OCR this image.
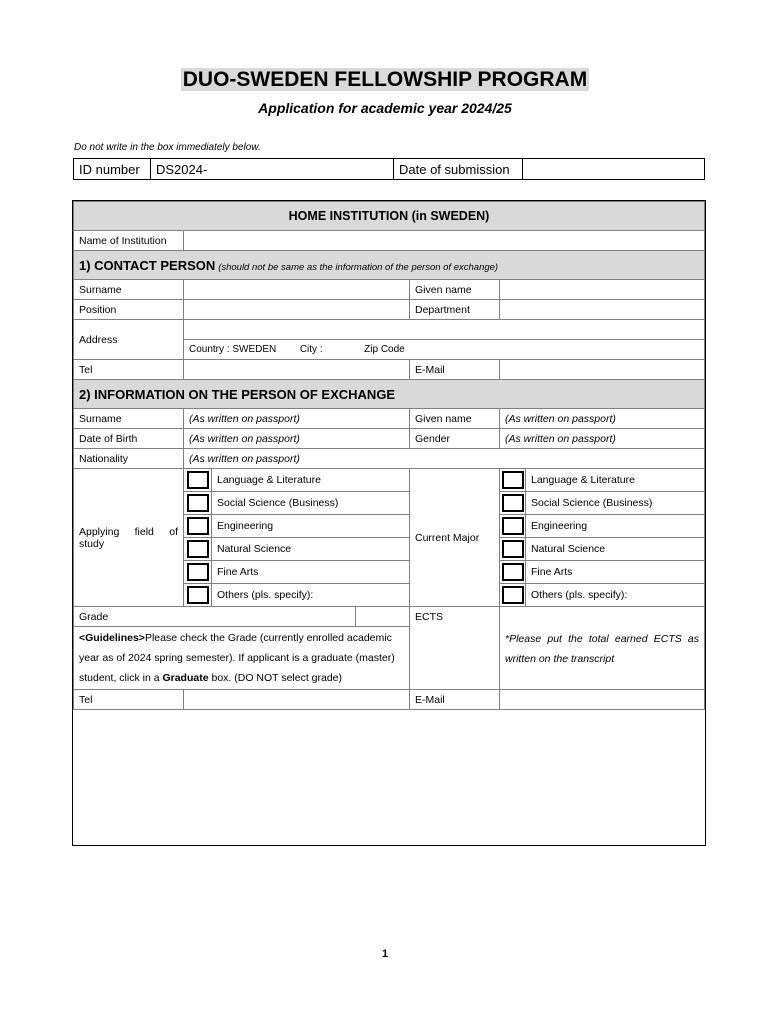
DUO-SWEDEN FELLOWSHIP PROGRAM
Application for academic year 2024/25
Do not write in the box immediately below.
ID number	DS2024-	Date of submission	
HOME INSTITUTION (in SWEDEN)						
Name of Institution						
1) CONTACT PERSON (should not be same as the information of the person of exchange)						
Surname				Given name		
Position				Department		
Address						
	Country : SWEDEN City : Zip Code					
Tel				E-Mail		
2) INFORMATION ON THE PERSON OF EXCHANGE						
Surname	(As written on passport)			Given name	(As written on passport)	
Date of Birth	(As written on passport)			Gender	(As written on passport)	
Nationality	(As written on passport)					
Applying field of study		Language & Literature		Current Major		Language & Literature
		Social Science (Business)				Social Science (Business)
		Engineering				Engineering
		Natural Science				Natural Science
		Fine Arts				Fine Arts
		Others (pls. specify):				Others (pls. specify):
Grade				ECTS	*Please put the total earned ECTS as written on the transcript	
<Guidelines>Please check the Grade (currently enrolled academic year as of 2024 spring semester). If applicant is a graduate (master) student, click in a Graduate box. (DO NOT select grade)						
Tel				E-Mail		
1
